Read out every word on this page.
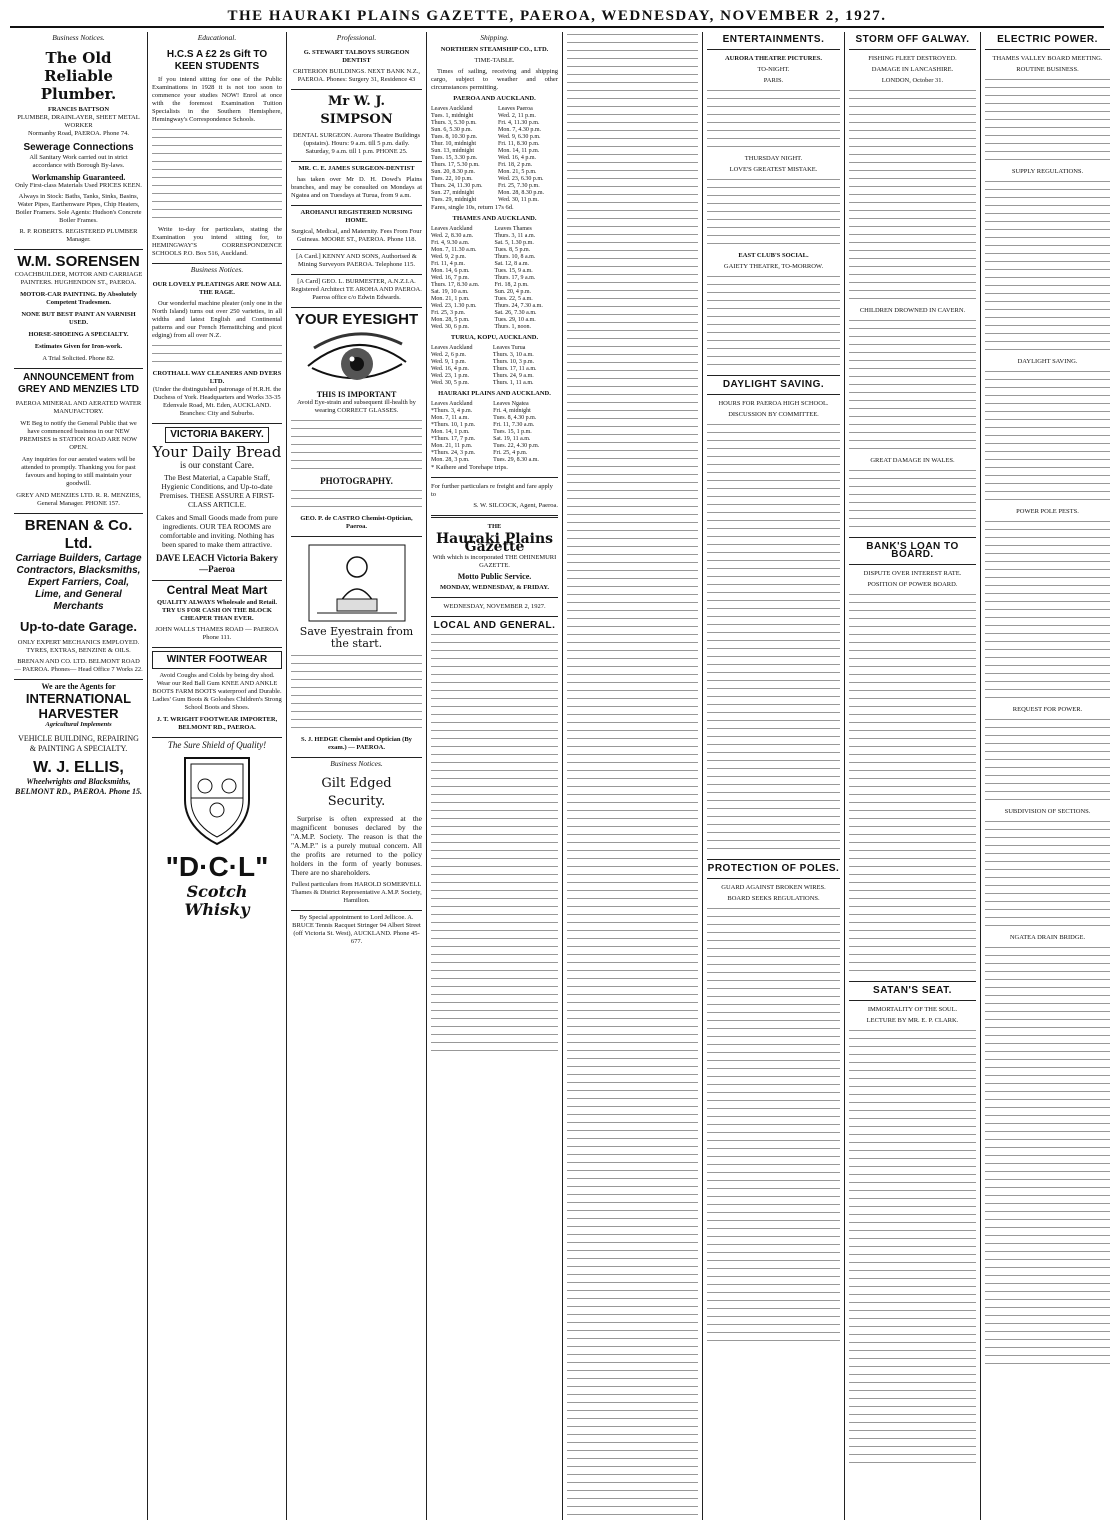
THE HAURAKI PLAINS GAZETTE, PAEROA, WEDNESDAY, NOVEMBER 2, 1927.
Business Notices.
The Old Reliable Plumber.
FRANCIS BATTSON
PLUMBER, DRAINLAYER, SHEET METAL WORKER
Normanby Road, PAEROA. Phone 74.
Sewerage Connections
All Sanitary Work carried out in strict accordance with Borough By-laws.
Workmanship Guaranteed.
Only First-class Materials Used PRICES KEEN.
Always in Stock: Baths, Tanks, Sinks, Basins, Water Pipes, Earthenware Pipes, Chip Heaters, Boiler Framers. Sole Agents: Hudson's Concrete Boiler Frames.
R. P. ROBERTS. REGISTERED PLUMBER Manager.
W.M. SORENSEN
COACHBUILDER, MOTOR AND CARRIAGE PAINTERS. HUGHENDON ST., PAEROA.
MOTOR-CAR PAINTING. By Absolutely Competent Tradesmen.
NONE BUT BEST PAINT AN VARNISH USED.
HORSE-SHOEING A SPECIALTY.
Estimates Given for Iron-work.
A Trial Solicited. Phone 82.
ANNOUNCEMENT from GREY AND MENZIES LTD
PAEROA MINERAL AND AERATED WATER MANUFACTORY.
WE Beg to notify the General Public that we have commenced business in our NEW PREMISES in STATION ROAD ARE NOW OPEN.
Any inquiries for our aerated waters will be attended to promptly. Thanking you for past favours and hoping to still maintain your goodwill.
GREY AND MENZIES LTD. R. R. MENZIES, General Manager. PHONE 157.
BRENAN & Co. Ltd.
Carriage Builders, Cartage Contractors, Blacksmiths, Expert Farriers, Coal, Lime, and General Merchants
Up-to-date Garage.
ONLY EXPERT MECHANICS EMPLOYED. TYRES, EXTRAS, BENZINE & OILS.
BRENAN AND CO. LTD. BELMONT ROAD — PAEROA. Phones— Head Office 7 Works 22.
We are the Agents for
INTERNATIONAL HARVESTER
Agricultural Implements
VEHICLE BUILDING, REPAIRING & PAINTING A SPECIALTY.
W. J. ELLIS,
Wheelwrights and Blacksmiths, BELMONT RD., PAEROA. Phone 15.
Educational.
H.C.S A £2 2s Gift TO KEEN STUDENTS
If you intend sitting for one of the Public Examinations in 1928 it is not too soon to commence your studies NOW! Enrol at once with the foremost Examination Tuition Specialists in the Southern Hemisphere, Hemingway's Correspondence Schools.
Write to-day for particulars, stating the Examination you intend sitting for, to HEMINGWAY'S CORRESPONDENCE SCHOOLS P.O. Box 516, Auckland.
Business Notices.
OUR LOVELY PLEATINGS ARE NOW ALL THE RAGE.
Our wonderful machine pleater (only one in the North Island) turns out over 250 varieties, in all widths and latest English and Continental patterns and our French Hemstitching and picot edging) from all over N.Z.
CROTHALL WAY CLEANERS AND DYERS LTD.
(Under the distinguished patronage of H.R.H. the Duchess of York. Headquarters and Works 33-35 Edenvale Road, Mt. Eden, AUCKLAND. Branches: City and Suburbs.
VICTORIA BAKERY.
Your Daily Bread
is our constant Care.
The Best Material, a Capable Staff, Hygienic Conditions, and Up-to-date Premises. THESE ASSURE A FIRST-CLASS ARTICLE.
Cakes and Small Goods made from pure ingredients. OUR TEA ROOMS are comfortable and inviting. Nothing has been spared to make them attractive.
DAVE LEACH Victoria Bakery—Paeroa
Central Meat Mart
QUALITY ALWAYS Wholesale and Retail. TRY US FOR CASH ON THE BLOCK CHEAPER THAN EVER.
JOHN WALLS THAMES ROAD — PAEROA Phone 111.
WINTER FOOTWEAR
Avoid Coughs and Colds by being dry shod. Wear our Red Ball Gum KNEE AND ANKLE BOOTS FARM BOOTS waterproof and Durable. Ladies' Gum Boots & Goloshes Children's Strong School Boots and Shoes.
J. T. WRIGHT FOOTWEAR IMPORTER, BELMONT RD., PAEROA.
The Sure Shield of Quality!
"D·C·L"
Scotch Whisky
Professional.
G. STEWART TALBOYS SURGEON DENTIST
CRITERION BUILDINGS. NEXT BANK N.Z., PAEROA. Phones: Surgery 31, Residence 43
Mr W. J. SIMPSON
DENTAL SURGEON. Aurora Theatre Buildings (upstairs). Hours: 9 a.m. till 5 p.m. daily. Saturday, 9 a.m. till 1 p.m. PHONE 25.
MR. C. E. JAMES SURGEON-DENTIST
has taken over Mr D. H. Dowd's Plains branches, and may be consulted on Mondays at Ngatea and on Tuesdays at Turua, from 9 a.m.
AROHANUI REGISTERED NURSING HOME.
Surgical, Medical, and Maternity. Fees From Four Guineas. MOORE ST., PAEROA. Phone 118.
[A Card.] KENNY AND SONS, Authorised & Mining Surveyors PAEROA. Telephone 115.
[A Card] GEO. L. BURMESTER, A.N.Z.I.A. Registered Architect TE AROHA AND PAEROA. Paeroa office c/o Edwin Edwards.
YOUR EYESIGHT
THIS IS IMPORTANT
Avoid Eye-strain and subsequent ill-health by wearing CORRECT GLASSES.
PHOTOGRAPHY.
GEO. P. de CASTRO Chemist-Optician, Paeroa.
Save Eyestrain from the start.
S. J. HEDGE Chemist and Optician (By exam.) — PAEROA.
Business Notices.
Gilt Edged Security.
Surprise is often expressed at the magnificent bonuses declared by the "A.M.P. Society. The reason is that the "A.M.P." is a purely mutual concern. All the profits are returned to the policy holders in the form of yearly bonuses. There are no shareholders.
Fullest particulars from HAROLD SOMERVELL Thames & District Representative A.M.P. Society, Hamilton.
By Special appointment to Lord Jellicoe. A. BRUCE Tennis Racquet Stringer 94 Albert Street (off Victoria St. West), AUCKLAND. Phone 45-677.
Shipping.
NORTHERN STEAMSHIP CO., LTD.
TIME-TABLE.
Times of sailing, receiving and shipping cargo, subject to weather and other circumstances permitting.
PAEROA AND AUCKLAND.
Leaves Auckland	Leaves Paeroa
Tues. 1, midnight	Wed. 2, 11 p.m.
Thurs. 3, 5.30 p.m.	Fri. 4, 11.30 p.m.
Sun. 6, 5.30 p.m.	Mon. 7, 4.30 p.m.
Tues. 8, 10.30 p.m.	Wed. 9, 6.30 p.m.
Thur. 10, midnight	Fri. 11, 8.30 p.m.
Sun. 13, midnight	Mon. 14, 11 p.m.
Tues. 15, 3.30 p.m.	Wed. 16, 4 p.m.
Thurs. 17, 5.30 p.m.	Fri. 18, 2 p.m.
Sun. 20, 8.30 p.m.	Mon. 21, 5 p.m.
Tues. 22, 10 p.m.	Wed. 23, 6.30 p.m.
Thurs. 24, 11.30 p.m.	Fri. 25, 7.30 p.m.
Sun. 27, midnight	Mon. 28, 8.30 p.m.
Tues. 29, midnight	Wed. 30, 11 p.m.
Fares, single 10s, return 17s 6d.
THAMES AND AUCKLAND.
Leaves Auckland	Leaves Thames
Wed. 2, 8.30 a.m.	Thurs. 3, 11 a.m.
Fri. 4, 9.30 a.m.	Sat. 5, 1.30 p.m.
Mon. 7, 11.30 a.m.	Tues. 8, 5 p.m.
Wed. 9, 2 p.m.	Thurs. 10, 8 a.m.
Fri. 11, 4 p.m.	Sat. 12, 8 a.m.
Mon. 14, 6 p.m.	Tues. 15, 9 a.m.
Wed. 16, 7 p.m.	Thurs. 17, 9 a.m.
Thurs. 17, 8.30 a.m.	Fri. 18, 2 p.m.
Sat. 19, 10 a.m.	Sun. 20, 4 p.m.
Mon. 21, 1 p.m.	Tues. 22, 5 a.m.
Wed. 23, 1.30 p.m.	Thurs. 24, 7.30 a.m.
Fri. 25, 3 p.m.	Sat. 26, 7.30 a.m.
Mon. 28, 5 p.m.	Tues. 29, 10 a.m.
Wed. 30, 6 p.m.	Thurs. 1, noon.
TURUA, KOPU, AUCKLAND.
Leaves Auckland	Leaves Turua
Wed. 2, 6 p.m.	Thurs. 3, 10 a.m.
Wed. 9, 1 p.m.	Thurs. 10, 3 p.m.
Wed. 16, 4 p.m.	Thurs. 17, 11 a.m.
Wed. 23, 1 p.m.	Thurs. 24, 9 a.m.
Wed. 30, 5 p.m.	Thurs. 1, 11 a.m.
HAURAKI PLAINS AND AUCKLAND.
Leaves Auckland	Leaves Ngatea
*Thurs. 3, 4 p.m.	Fri. 4, midnight
Mon. 7, 11 a.m.	Tues. 8, 4.30 p.m.
*Thurs. 10, 1 p.m.	Fri. 11, 7.30 a.m.
Mon. 14, 1 p.m.	Tues. 15, 1 p.m.
*Thurs. 17, 7 p.m.	Sat. 19, 11 a.m.
Mon. 21, 11 p.m.	Tues. 22, 4.30 p.m.
*Thurs. 24, 3 p.m.	Fri. 25, 4 p.m.
Mon. 28, 3 p.m.	Tues. 29, 8.30 a.m.
* Kaihere and Torehape trips.
For further particulars re freight and fare apply to
S. W. SILCOCK, Agent, Paeroa.
THE
Hauraki Plains Gazette
With which is incorporated THE OHINEMURI GAZETTE.
Motto Public Service.
MONDAY, WEDNESDAY, & FRIDAY.
WEDNESDAY, NOVEMBER 2, 1927.
LOCAL AND GENERAL.
ENTERTAINMENTS.
AURORA THEATRE PICTURES.
TO-NIGHT.
PARIS.
THURSDAY NIGHT.
LOVE'S GREATEST MISTAKE.
EAST CLUB'S SOCIAL.
GAIETY THEATRE, TO-MORROW.
DAYLIGHT SAVING.
HOURS FOR PAEROA HIGH SCHOOL.
DISCUSSION BY COMMITTEE.
PROTECTION OF POLES.
GUARD AGAINST BROKEN WIRES.
BOARD SEEKS REGULATIONS.
STORM OFF GALWAY.
FISHING FLEET DESTROYED.
DAMAGE IN LANCASHIRE.
LONDON, October 31.
CHILDREN DROWNED IN CAVERN.
GREAT DAMAGE IN WALES.
BANK'S LOAN TO BOARD.
DISPUTE OVER INTEREST RATE.
POSITION OF POWER BOARD.
SATAN'S SEAT.
IMMORTALITY OF THE SOUL.
LECTURE BY MR. E. P. CLARK.
ELECTRIC POWER.
THAMES VALLEY BOARD MEETING.
ROUTINE BUSINESS.
SUPPLY REGULATIONS.
DAYLIGHT SAVING.
POWER POLE PESTS.
REQUEST FOR POWER.
SUBDIVISION OF SECTIONS.
NGATEA DRAIN BRIDGE.
